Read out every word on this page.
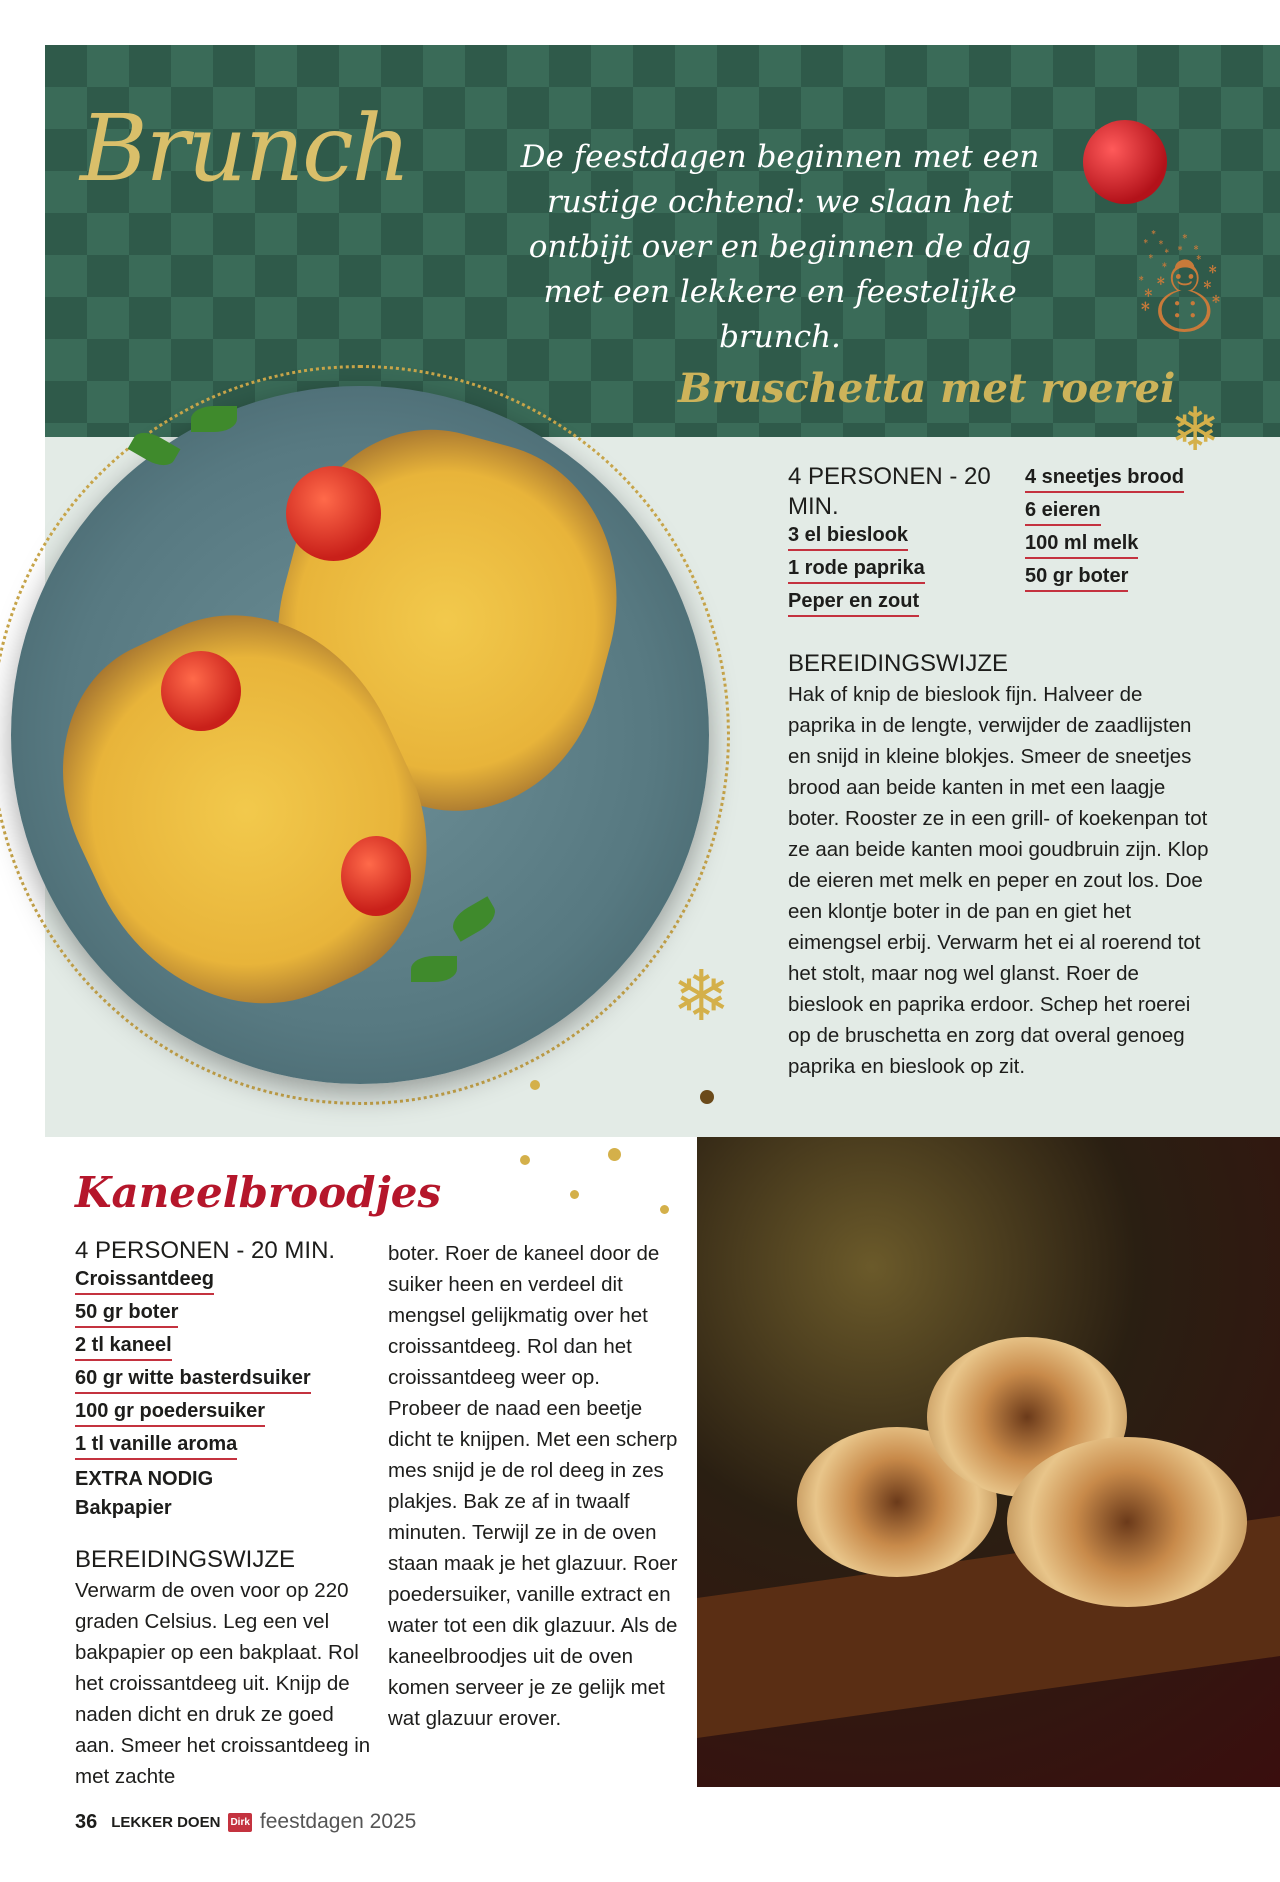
Brunch	De feestdagen beginnen met een rustige ochtend: we slaan het ontbijt over en beginnen de dag met een lekkere en feestelijke brunch.	☃
❄
❄
Bruschetta met roerei
4 PERSONEN - 20 MIN.
3 el bieslook
1 rode paprika
Peper en zout
4 sneetjes brood
6 eieren
100 ml melk
50 gr boter
BEREIDINGSWIJZE
Hak of knip de bieslook fijn. Halveer de paprika in de lengte, verwijder de zaadlijsten en snijd in kleine blokjes. Smeer de sneetjes brood aan beide kanten in met een laagje boter. Rooster ze in een grill- of koekenpan tot ze aan beide kanten mooi goudbruin zijn. Klop de eieren met melk en peper en zout los. Doe een klontje boter in de pan en giet het eimengsel erbij. Verwarm het ei al roerend tot het stolt, maar nog wel glanst. Roer de bieslook en paprika erdoor. Schep het roerei op de bruschetta en zorg dat overal genoeg paprika en bieslook op zit.
Kaneelbroodjes
4 PERSONEN - 20 MIN.
Croissantdeeg
50 gr boter
2 tl kaneel
60 gr witte basterdsuiker
100 gr poedersuiker
1 tl vanille aroma
EXTRA NODIG
Bakpapier
BEREIDINGSWIJZE
Verwarm de oven voor op 220 graden Celsius. Leg een vel bakpapier op een bakplaat. Rol het croissantdeeg uit. Knijp de naden dicht en druk ze goed aan. Smeer het croissantdeeg in met zachte
boter. Roer de kaneel door de suiker heen en verdeel dit mengsel gelijkmatig over het croissantdeeg. Rol dan het croissantdeeg weer op. Probeer de naad een beetje dicht te knijpen. Met een scherp mes snijd je de rol deeg in zes plakjes. Bak ze af in twaalf minuten. Terwijl ze in de oven staan maak je het glazuur. Roer poedersuiker, vanille extract en water tot een dik glazuur. Als de kaneelbroodjes uit de oven komen serveer je ze gelijk met wat glazuur erover.
36 LEKKER DOEN Dirk feestdagen 2025
